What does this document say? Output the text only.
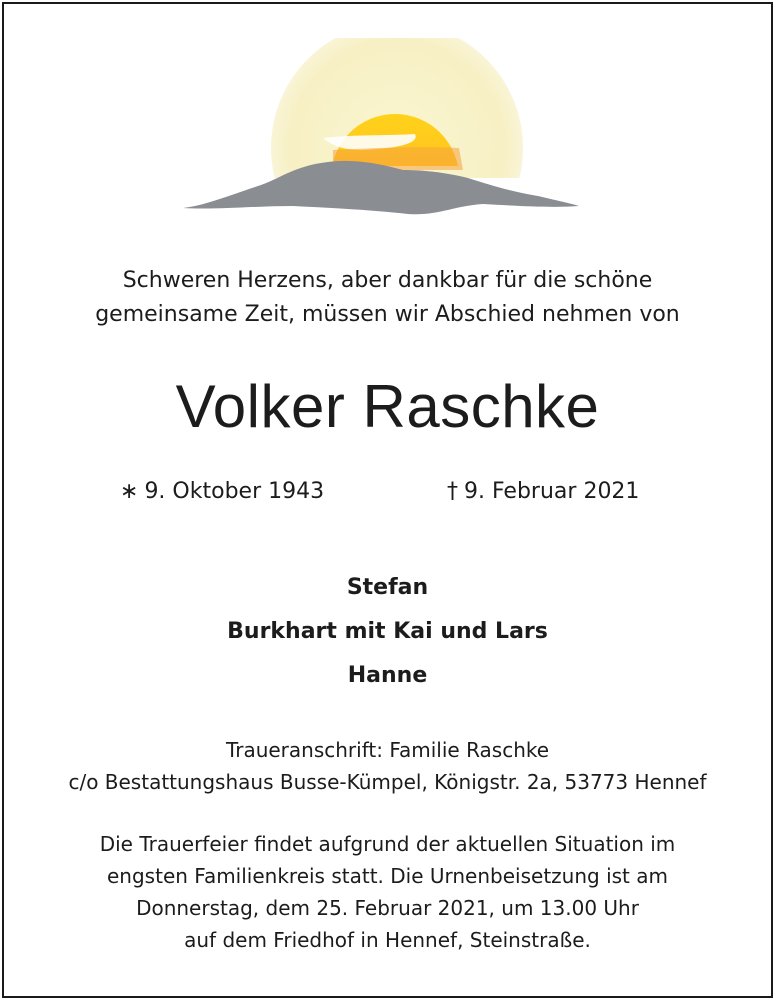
Schweren Herzens, aber dankbar für die schöne
gemeinsame Zeit, müssen wir Abschied nehmen von
Volker Raschke
∗ 9. Oktober 1943	† 9. Februar 2021
Stefan
Burkhart mit Kai und Lars
Hanne
Traueranschrift: Familie Raschke
c/o Bestattungshaus Busse-Kümpel, Königstr. 2a, 53773 Hennef
Die Trauerfeier findet aufgrund der aktuellen Situation im
engsten Familienkreis statt. Die Urnenbeisetzung ist am
Donnerstag, dem 25. Februar 2021, um 13.00 Uhr
auf dem Friedhof in Hennef, Steinstraße.
